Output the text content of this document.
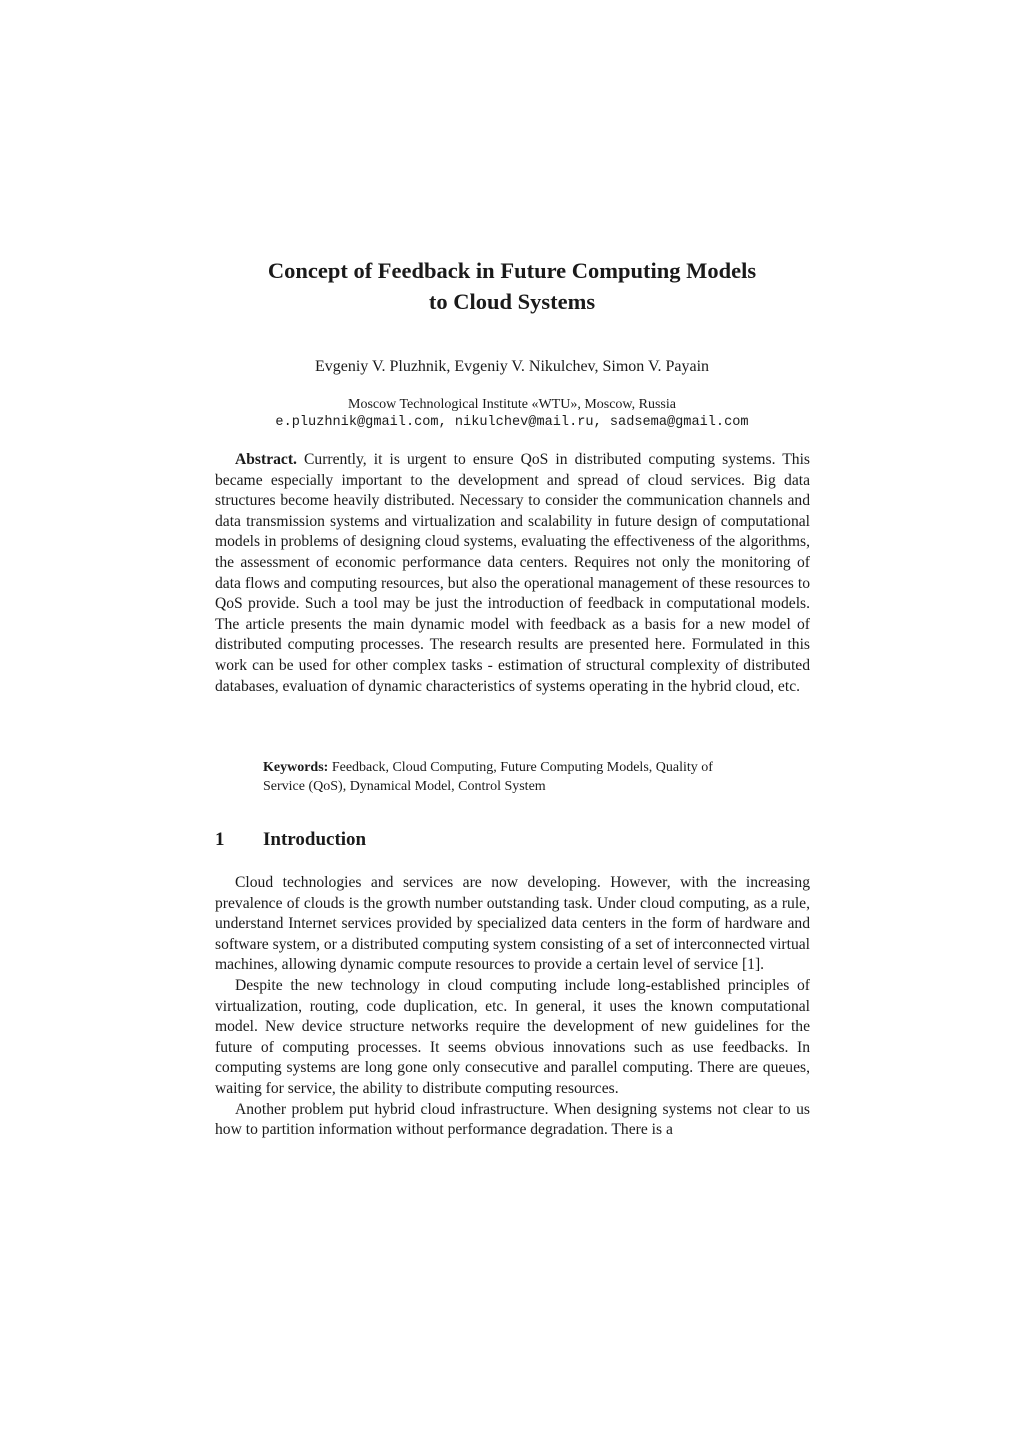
Concept of Feedback in Future Computing Models
to Cloud Systems
Evgeniy V. Pluzhnik, Evgeniy V. Nikulchev, Simon V. Payain
Moscow Technological Institute «WTU», Moscow, Russia
e.pluzhnik@gmail.com, nikulchev@mail.ru, sadsema@gmail.com

Abstract. Currently, it is urgent to ensure QoS in distributed computing systems. This became especially important to the development and spread of cloud services. Big data structures become heavily distributed. Necessary to consider the communication channels and data transmission systems and virtualization and scalability in future design of computational models in problems of designing cloud systems, evaluating the effectiveness of the algorithms, the assessment of economic performance data centers. Requires not only the monitoring of data flows and computing resources, but also the operational management of these resources to QoS provide. Such a tool may be just the introduction of feedback in computational models. The article presents the main dynamic model with feedback as a basis for a new model of distributed computing processes. The research results are presented here. Formulated in this work can be used for other complex tasks - estimation of structural complexity of distributed databases, evaluation of dynamic characteristics of systems operating in the hybrid cloud, etc.

Keywords: Feedback, Cloud Computing, Future Computing Models, Quality of Service (QoS), Dynamical Model, Control System

1 Introduction

Cloud technologies and services are now developing. However, with the increasing prevalence of clouds is the growth number outstanding task. Under cloud computing, as a rule, understand Internet services provided by specialized data centers in the form of hardware and software system, or a distributed computing system consisting of a set of interconnected virtual machines, allowing dynamic compute resources to provide a certain level of service [1].

Despite the new technology in cloud computing include long-established principles of virtualization, routing, code duplication, etc. In general, it uses the known computational model. New device structure networks require the development of new guidelines for the future of computing processes. It seems obvious innovations such as use feedbacks. In computing systems are long gone only consecutive and parallel computing. There are queues, waiting for service, the ability to distribute computing resources.

Another problem put hybrid cloud infrastructure. When designing systems not clear to us how to partition information without performance degradation. There is a
